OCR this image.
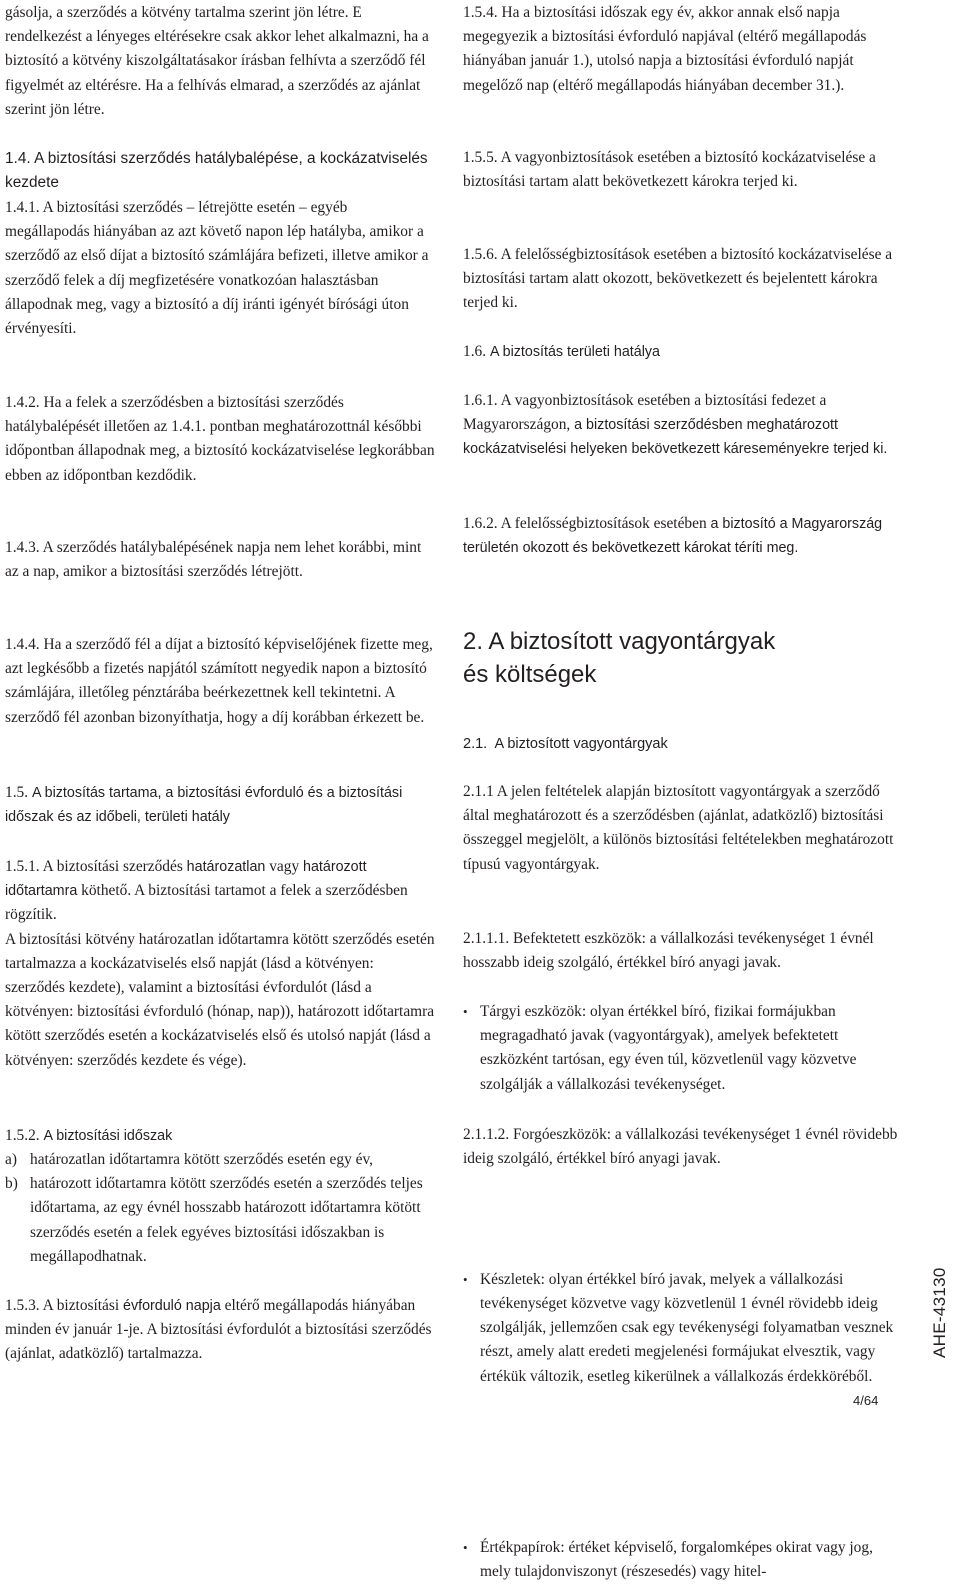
gásolja, a szerződés a kötvény tartalma szerint jön létre. E rendelkezést a lényeges eltérésekre csak akkor lehet alkalmazni, ha a biztosító a kötvény kiszolgáltatásakor írásban felhívta a szerződő fél figyelmét az eltérésre. Ha a felhívás elmarad, a szerződés az ajánlat szerint jön létre.

1.4. A biztosítási szerződés hatálybalépése, a kockázatviselés kezdete

1.4.1. A biztosítási szerződés – létrejötte esetén – egyéb megállapodás hiányában az azt követő napon lép hatályba, amikor a szerződő az első díjat a biztosító számlájára befizeti, illetve amikor a szerződő felek a díj megfizetésére vonatkozóan halasztásban állapodnak meg, vagy a biztosító a díj iránti igényét bírósági úton érvényesíti.

1.4.2. Ha a felek a szerződésben a biztosítási szerződés hatálybalépését illetően az 1.4.1. pontban meghatározottnál későbbi időpontban állapodnak meg, a biztosító kockázatviselése legkorábban ebben az időpontban kezdődik.

1.4.3. A szerződés hatálybalépésének napja nem lehet korábbi, mint az a nap, amikor a biztosítási szerződés létrejött.

1.4.4. Ha a szerződő fél a díjat a biztosító képviselőjének fizette meg, azt legkésőbb a fizetés napjától számított negyedik napon a biztosító számlájára, illetőleg pénztárába beérkezettnek kell tekintetni. A szerződő fél azonban bizonyíthatja, hogy a díj korábban érkezett be.

1.5. A biztosítás tartama, a biztosítási évforduló és a biztosítási időszak és az időbeli, területi hatály

1.5.1. A biztosítási szerződés határozatlan vagy határozott időtartamra köthető. A biztosítási tartamot a felek a szerződésben rögzítik.
A biztosítási kötvény határozatlan időtartamra kötött szerződés esetén tartalmazza a kockázatviselés első napját (lásd a kötvényen: szerződés kezdete), valamint a biztosítási évfordulót (lásd a kötvényen: biztosítási évforduló (hónap, nap)), határozott időtartamra kötött szerződés esetén a kockázatviselés első és utolsó napját (lásd a kötvényen: szerződés kezdete és vége).

1.5.2. A biztosítási időszak

a) határozatlan időtartamra kötött szerződés esetén egy év,
b) határozott időtartamra kötött szerződés esetén a szerződés teljes időtartama, az egy évnél hosszabb határozott időtartamra kötött szerződés esetén a felek egyéves biztosítási időszakban is megállapodhatnak.

1.5.3. A biztosítási évforduló napja eltérő megállapodás hiányában minden év január 1-je. A biztosítási évfordulót a biztosítási szerződés (ajánlat, adatközlő) tartalmazza.

1.5.4. Ha a biztosítási időszak egy év, akkor annak első napja megegyezik a biztosítási évforduló napjával (eltérő megállapodás hiányában január 1.), utolsó napja a biztosítási évforduló napját megelőző nap (eltérő megállapodás hiányában december 31.).

1.5.5. A vagyonbiztosítások esetében a biztosító kockázatviselése a biztosítási tartam alatt bekövetkezett károkra terjed ki.

1.5.6. A felelősségbiztosítások esetében a biztosító kockázatviselése a biztosítási tartam alatt okozott, bekövetkezett és bejelentett károkra terjed ki.

1.6. A biztosítás területi hatálya

1.6.1. A vagyonbiztosítások esetében a biztosítási fedezet a Magyarországon, a biztosítási szerződésben meghatározott kockázatviselési helyeken bekövetkezett káreseményekre terjed ki.

1.6.2. A felelősségbiztosítások esetében a biztosító a Magyarország területén okozott és bekövetkezett károkat téríti meg.

2. A biztosított vagyontárgyak
és költségek

2.1.  A biztosított vagyontárgyak

2.1.1 A jelen feltételek alapján biztosított vagyontárgyak a szerződő által meghatározott és a szerződésben (ajánlat, adatközlő) biztosítási összeggel megjelölt, a különös biztosítási feltételekben meghatározott típusú vagyontárgyak.

2.1.1.1. Befektetett eszközök: a vállalkozási tevékenységet 1 évnél hosszabb ideig szolgáló, értékkel bíró anyagi javak.

• Tárgyi eszközök: olyan értékkel bíró, fizikai formájukban megragadható javak (vagyontárgyak), amelyek befektetett eszközként tartósan, egy éven túl, közvetlenül vagy közvetve szolgálják a vállalkozási tevékenységet.

2.1.1.2. Forgóeszközök: a vállalkozási tevékenységet 1 évnél rövidebb ideig szolgáló, értékkel bíró anyagi javak.

• Készletek: olyan értékkel bíró javak, melyek a vállalkozási tevékenységet közvetve vagy közvetlenül 1 évnél rövidebb ideig szolgálják, jellemzően csak egy tevékenységi folyamatban vesznek részt, amely alatt eredeti megjelenési formájukat elvesztik, vagy értékük változik, esetleg kikerülnek a vállalkozás érdekköréből.
• Értékpapírok: értéket képviselő, forgalomképes okirat vagy jog, mely tulajdonviszonyt (részesedés) vagy hitel-
AHE-43130
4/64
